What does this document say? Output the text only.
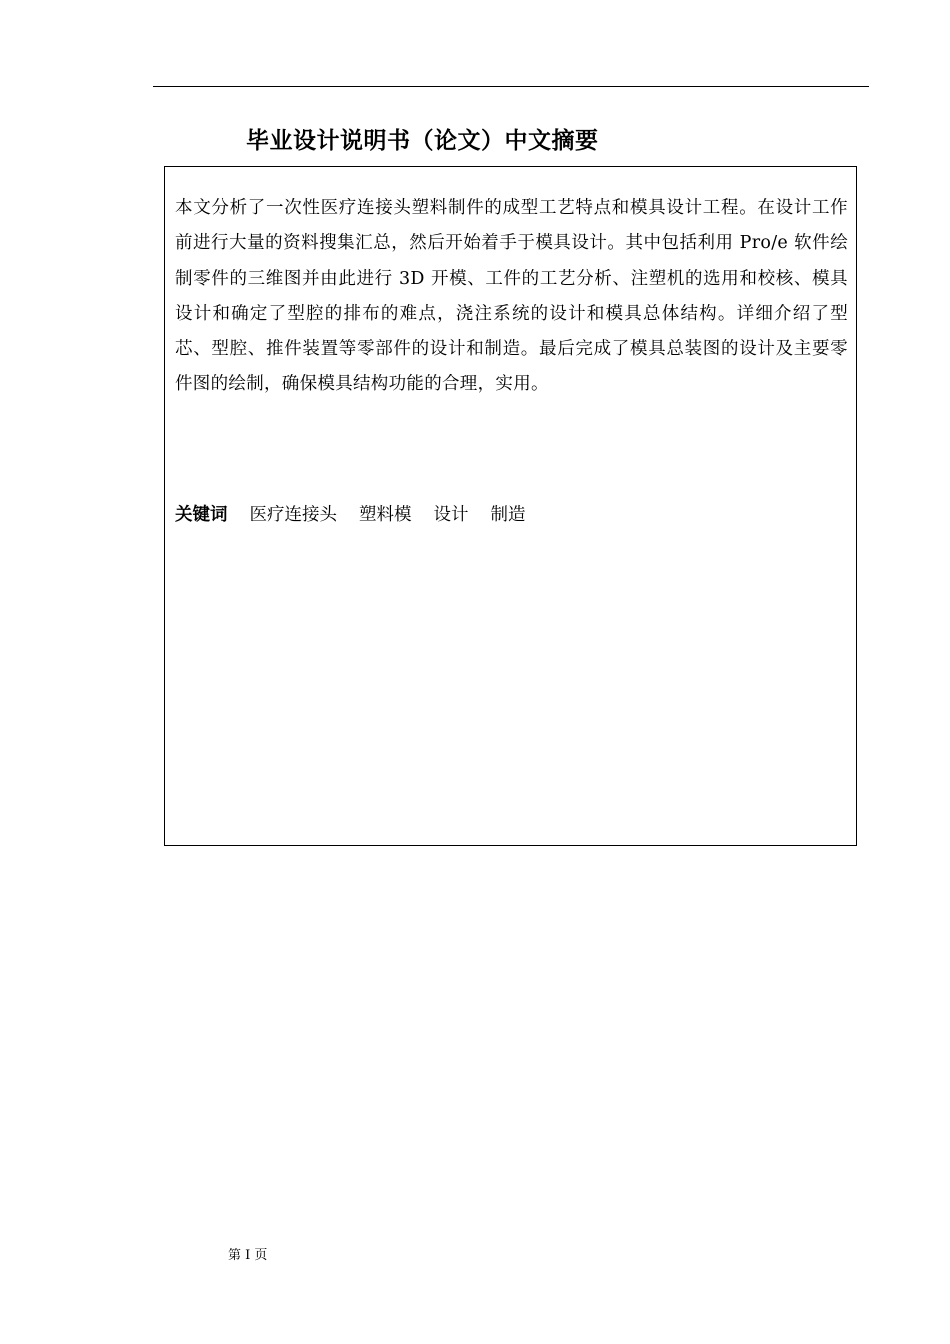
毕业设计说明书（论文）中文摘要

本文分析了一次性医疗连接头塑料制件的成型工艺特点和模具设计工程。在设计工作前进行大量的资料搜集汇总，然后开始着手于模具设计。其中包括利用 Pro/e 软件绘制零件的三维图并由此进行 3D 开模、工件的工艺分析、注塑机的选用和校核、模具设计和确定了型腔的排布的难点，浇注系统的设计和模具总体结构。详细介绍了型芯、型腔、推件装置等零部件的设计和制造。最后完成了模具总装图的设计及主要零件图的绘制，确保模具结构功能的合理，实用。

关键词 医疗连接头 塑料模 设计 制造

第 I 页
